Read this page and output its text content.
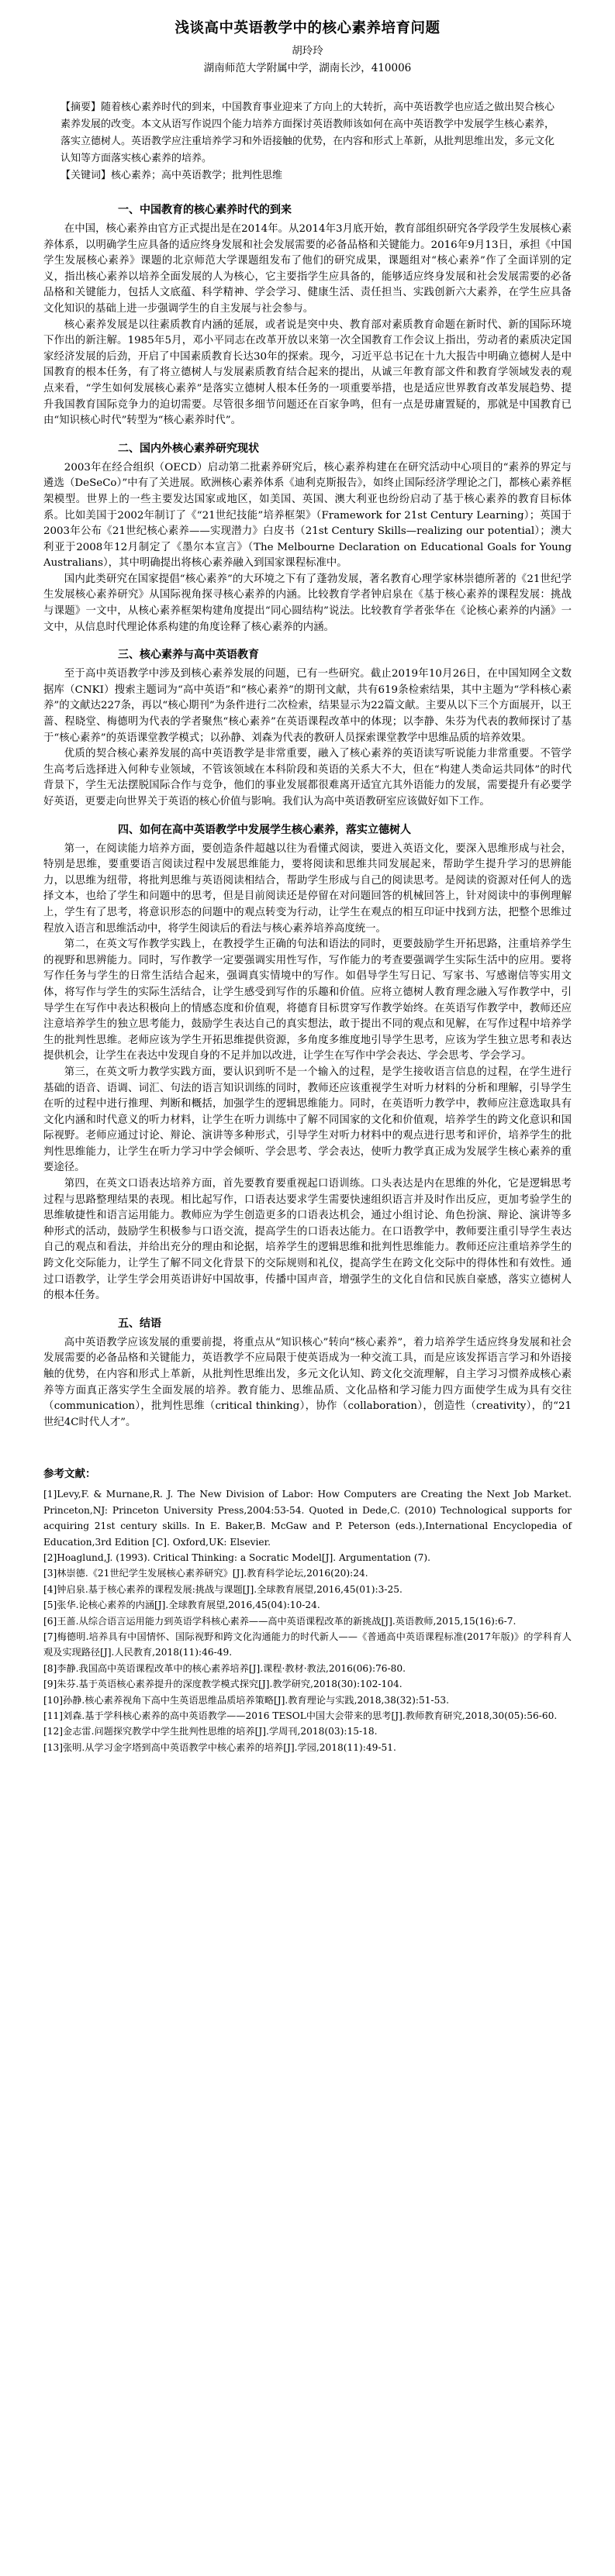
浅谈高中英语教学中的核心素养培育问题
胡玲玲
湖南师范大学附属中学，湖南长沙，410006
【摘要】随着核心素养时代的到来，中国教育事业迎来了方向上的大转折，高中英语教学也应适之做出契合核心素养发展的改变。本文从语写作说四个能力培养方面探讨英语教师该如何在高中英语教学中发展学生核心素养，落实立德树人。英语教学应注重培养学习和外语接触的优势，在内容和形式上革新，从批判思维出发，多元文化认知等方面落实核心素养的培养。
【关键词】核心素养；高中英语教学；批判性思维
一、中国教育的核心素养时代的到来

在中国，核心素养由官方正式提出是在2014年。从2014年3月底开始，教育部组织研究各学段学生发展核心素养体系，以明确学生应具备的适应终身发展和社会发展需要的必备品格和关键能力。2016年9月13日，承担《中国学生发展核心素养》课题的北京师范大学课题组发布了他们的研究成果，课题组对“核心素养”作了全面详别的定义，指出核心素养以培养全面发展的人为核心，它主要指学生应具备的，能够适应终身发展和社会发展需要的必备品格和关键能力，包括人文底蕴、科学精神、学会学习、健康生活、责任担当、实践创新六大素养，在学生应具备文化知识的基础上进一步强调学生的自主发展与社会参与。

核心素养发展是以往素质教育内涵的延展，或者说是突中央、教育部对素质教育命题在新时代、新的国际环境下作出的新注解。1985年5月，邓小平同志在改革开放以来第一次全国教育工作会议上指出，劳动者的素质决定国家经济发展的后劲，开启了中国素质教育长达30年的探索。现今，习近平总书记在十九大报告中明确立德树人是中国教育的根本任务，有了将立德树人与发展素质教育结合起来的提出，从诚三年教育部文件和教育学领域发表的观点来看，“学生如何发展核心素养”是落实立德树人根本任务的一项重要举措，也是适应世界教育改革发展趋势、提升我国教育国际竞争力的迫切需要。尽管很多细节问题还在百家争鸣，但有一点是毋庸置疑的，那就是中国教育已由“知识核心时代”转型为“核心素养时代”。

二、国内外核心素养研究现状

2003年在经合组织（OECD）启动第二批素养研究后，核心素养构建在在研究活动中心项目的“素养的界定与遴选（DeSeCo）”中有了关进展。欧洲核心素养体系《迪利克斯报告》，如终止国际经济学理论之门，都核心素养框架模型。世界上的一些主要发达国家或地区，如美国、英国、澳大利亚也纷纷启动了基于核心素养的教育目标体系。比如美国于2002年制订了《“21世纪技能”培养框架》（Framework for 21st Century Learning）；英国于2003年公布《21世纪核心素养——实现潜力》白皮书（21st Century Skills—realizing our potential）；澳大利亚于2008年12月制定了《墨尔本宣言》（The Melbourne Declaration on Educational Goals for Young Australians），其中明确提出将核心素养融入到国家课程标准中。

国内此类研究在国家提倡“核心素养”的大环境之下有了蓬勃发展，著名教育心理学家林崇德所著的《21世纪学生发展核心素养研究》从国际视角探寻核心素养的内涵。比较教育学者钟启泉在《基于核心素养的课程发展：挑战与课题》一文中，从核心素养框架构建角度提出“同心圆结构”说法。比较教育学者张华在《论核心素养的内涵》一文中，从信息时代理论体系构建的角度诠释了核心素养的内涵。

三、核心素养与高中英语教育

至于高中英语教学中涉及到核心素养发展的问题，已有一些研究。截止2019年10月26日，在中国知网全文数据库（CNKI）搜索主题词为“高中英语”和“核心素养”的期刊文献，共有619条检索结果，其中主题为“学科核心素养”的文献达227条，再以“核心期刊”为条件进行二次检索，结果显示为22篇文献。主要从以下三个方面展开，以王蔷、程晓堂、梅德明为代表的学者聚焦“核心素养”在英语课程改革中的体现；以李静、朱芬为代表的教师探讨了基于“核心素养”的英语课堂教学模式；以孙静、刘森为代表的教研人员探索课堂教学中思维品质的培养效果。

优质的契合核心素养发展的高中英语教学是非常重要，融入了核心素养的英语读写听说能力非常重要。不管学生高考后选择进入何种专业领域，不管该领域在本科阶段和英语的关系大不大，但在“构建人类命运共同体”的时代背景下，学生无法摆脱国际合作与竞争，他们的事业发展都很难离开适宜亢其外语能力的发展，需要提升有必要学好英语，更要走向世界关于英语的核心价值与影响。我们认为高中英语教研室应该做好如下工作。

四、如何在高中英语教学中发展学生核心素养，落实立德树人

第一，在阅读能力培养方面，要创造条件超越以往为看懂式阅读，要进入英语文化，要深入思维形成与社会，特别是思维，要重要语言阅读过程中发展思维能力，要将阅读和思维共同发展起来，帮助学生提升学习的思辨能力，以思维为纽带，将批判思维与英语阅读相结合，帮助学生形成与自己的阅读思考。是阅读的资源对任何人的选择文本，也给了学生和问题中的思考，但是目前阅读还是停留在对问题回答的机械回答上，针对阅读中的事例理解上，学生有了思考，将意识形态的问题中的观点转变为行动，让学生在观点的相互印证中找到方法，把整个思维过程放入语言和思维活动中，将学生阅读后的看法与核心素养培养高度统一。

第二，在英文写作教学实践上，在教授学生正确的句法和语法的同时，更要鼓励学生开拓思路，注重培养学生的视野和思辨能力。同时，写作教学一定要强调实用性写作，写作能力的考查要强调学生实际生活中的应用。要将写作任务与学生的日常生活结合起来，强调真实情境中的写作。如倡导学生写日记、写家书、写感谢信等实用文体，将写作与学生的实际生活结合，让学生感受到写作的乐趣和价值。应将立德树人教育理念融入写作教学中，引导学生在写作中表达积极向上的情感态度和价值观，将德育目标贯穿写作教学始终。在英语写作教学中，教师还应注意培养学生的独立思考能力，鼓励学生表达自己的真实想法，敢于提出不同的观点和见解，在写作过程中培养学生的批判性思维。老师应该为学生开拓思维提供资源，多角度多维度地引导学生思考，应该为学生独立思考和表达提供机会，让学生在表达中发现自身的不足并加以改进，让学生在写作中学会表达、学会思考、学会学习。

第三，在英文听力教学实践方面，要认识到听不是一个输入的过程，是学生接收语言信息的过程，在学生进行基础的语音、语调、词汇、句法的语言知识训练的同时，教师还应该重视学生对听力材料的分析和理解，引导学生在听的过程中进行推理、判断和概括，加强学生的逻辑思维能力。同时，在英语听力教学中，教师应注意选取具有文化内涵和时代意义的听力材料，让学生在听力训练中了解不同国家的文化和价值观，培养学生的跨文化意识和国际视野。老师应通过讨论、辩论、演讲等多种形式，引导学生对听力材料中的观点进行思考和评价，培养学生的批判性思维能力，让学生在听力学习中学会倾听、学会思考、学会表达，使听力教学真正成为发展学生核心素养的重要途径。

第四，在英文口语表达培养方面，首先要教育要重视起口语训练。口头表达是内在思维的外化，它是逻辑思考过程与思路整理结果的表现。相比起写作，口语表达要求学生需要快速组织语言并及时作出反应，更加考验学生的思维敏捷性和语言运用能力。教师应为学生创造更多的口语表达机会，通过小组讨论、角色扮演、辩论、演讲等多种形式的活动，鼓励学生积极参与口语交流，提高学生的口语表达能力。在口语教学中，教师要注重引导学生表达自己的观点和看法，并给出充分的理由和论据，培养学生的逻辑思维和批判性思维能力。教师还应注重培养学生的跨文化交际能力，让学生了解不同文化背景下的交际规则和礼仪，提高学生在跨文化交际中的得体性和有效性。通过口语教学，让学生学会用英语讲好中国故事，传播中国声音，增强学生的文化自信和民族自豪感，落实立德树人的根本任务。

五、结语

高中英语教学应该发展的重要前提，将重点从“知识核心”转向“核心素养”，着力培养学生适应终身发展和社会发展需要的必备品格和关键能力，英语教学不应局限于使英语成为一种交流工具，而是应该发挥语言学习和外语接触的优势，在内容和形式上革新，从批判性思维出发，多元文化认知、跨文化交流理解，自主学习习惯养成核心素养等方面真正落实学生全面发展的培养。教育能力、思维品质、文化品格和学习能力四方面使学生成为具有交往（communication），批判性思维（critical thinking），协作（collaboration），创造性（creativity），的“21世纪4C时代人才”。

参考文献：

[1]Levy,F. & Murnane,R. J. The New Division of Labor: How Computers are Creating the Next Job Market. Princeton,NJ: Princeton University Press,2004:53-54. Quoted in Dede,C. (2010) Technological supports for acquiring 21st century skills. In E. Baker,B. McGaw and P. Peterson (eds.),International Encyclopedia of Education,3rd Edition [C]. Oxford,UK: Elsevier.

[2]Hoaglund,J. (1993). Critical Thinking: a Socratic Model[J]. Argumentation (7).

[3]林崇德.《21世纪学生发展核心素养研究》[J].教育科学论坛,2016(20):24.

[4]钟启泉.基于核心素养的课程发展:挑战与课题[J].全球教育展望,2016,45(01):3-25.

[5]张华.论核心素养的内涵[J].全球教育展望,2016,45(04):10-24.

[6]王蔷.从综合语言运用能力到英语学科核心素养——高中英语课程改革的新挑战[J].英语教师,2015,15(16):6-7.

[7]梅德明.培养具有中国情怀、国际视野和跨文化沟通能力的时代新人——《普通高中英语课程标准(2017年版)》的学科育人观及实现路径[J].人民教育,2018(11):46-49.

[8]李静.我国高中英语课程改革中的核心素养培养[J].课程·教材·教法,2016(06):76-80.

[9]朱芬.基于英语核心素养提升的深度教学模式探究[J].教学研究,2018(30):102-104.

[10]孙静.核心素养视角下高中生英语思维品质培养策略[J].教育理论与实践,2018,38(32):51-53.

[11]刘森.基于学科核心素养的高中英语教学——2016 TESOL中国大会带来的思考[J].教师教育研究,2018,30(05):56-60.

[12]金志雷.问题探究教学中学生批判性思维的培养[J].学周刊,2018(03):15-18.

[13]张明.从学习金字塔到高中英语教学中核心素养的培养[J].学园,2018(11):49-51.
